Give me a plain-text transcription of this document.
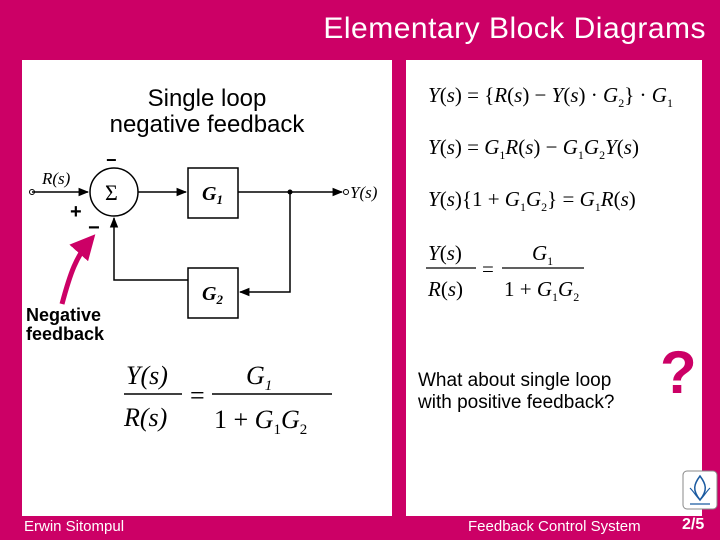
Elementary Block Diagrams
Single loop
negative feedback
R(s)
Σ
−
+
−
$G_1$	Y(s)
$G_2$
Negative
feedback
Y(s)
R(s)
=
$G_1$
$1 + G_1G_2$
$Y(s) = \{R(s) - Y(s) \cdot G_2\} \cdot G_1$
$Y(s) = G_1R(s) - G_1G_2Y(s)$
$Y(s)\{1 + G_1G_2\} = G_1R(s)$
Y(s)
R(s)
=
$G_1$
$1 + G_1G_2$
What about single loop
with positive feedback? ?
Erwin Sitompul	Feedback Control System	2/5
